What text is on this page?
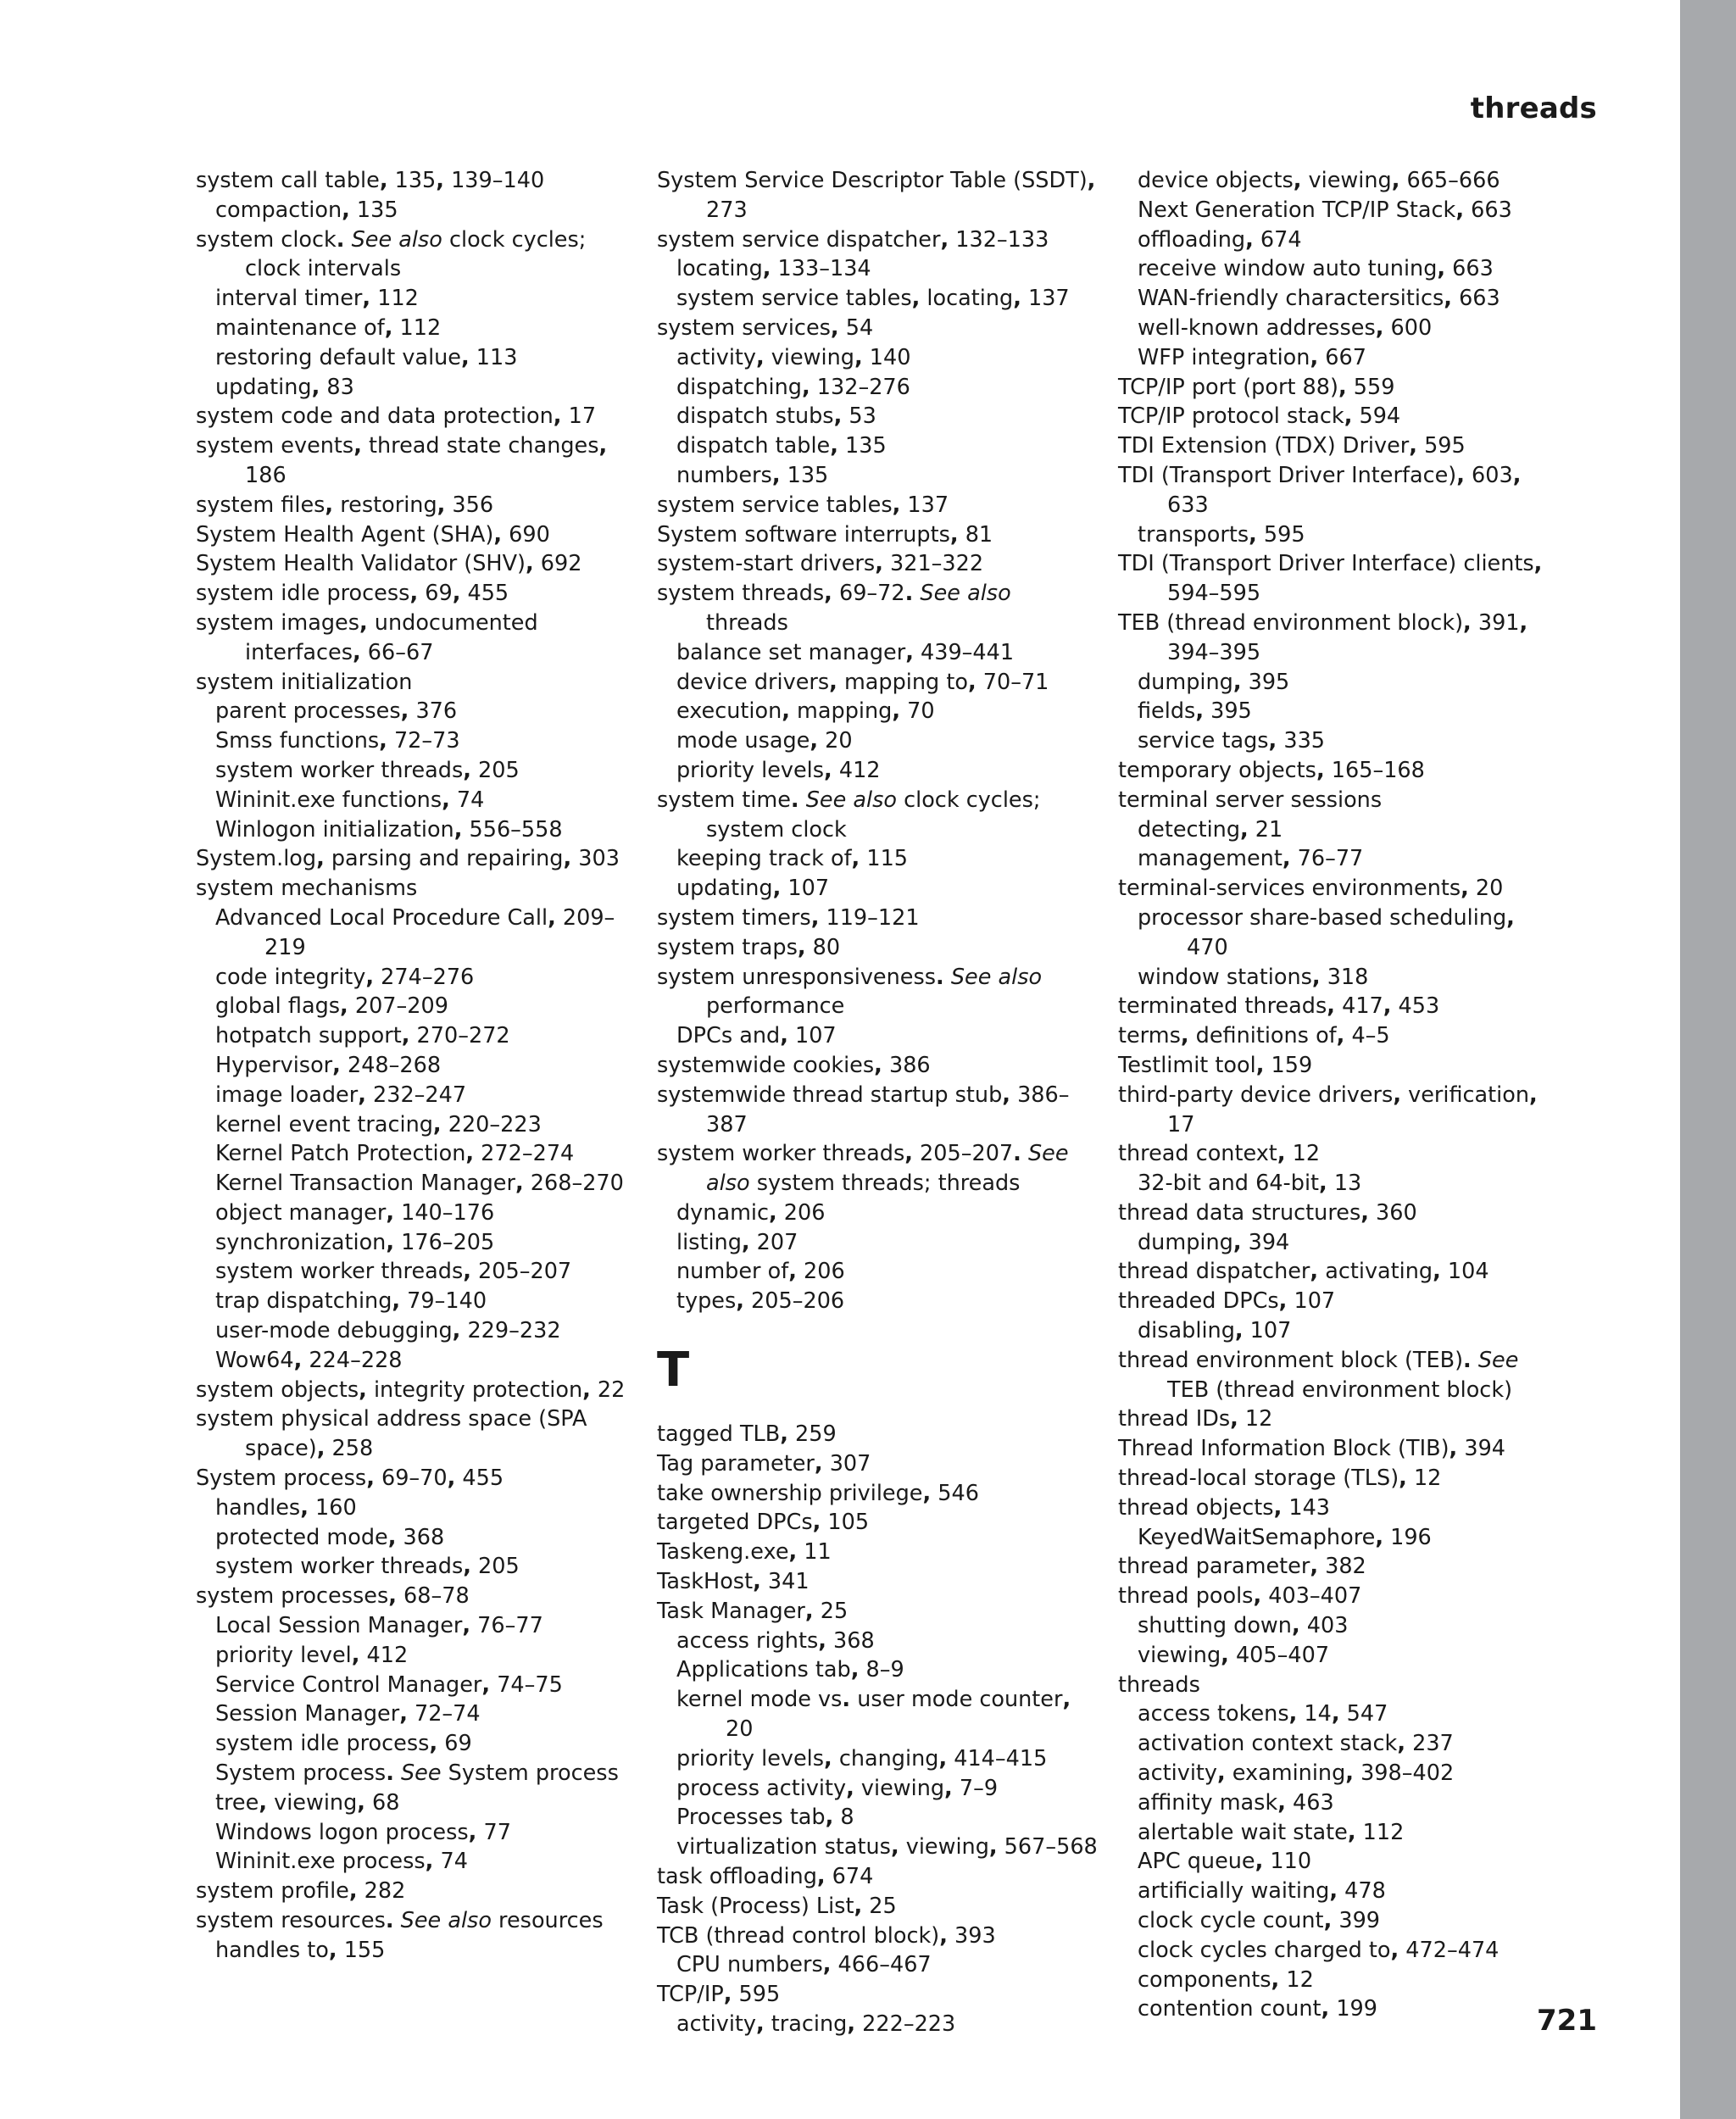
threads
system call table, 135, 139–140
compaction, 135
system clock. See also clock cycles; clock intervals
interval timer, 112
maintenance of, 112
restoring default value, 113
updating, 83
system code and data protection, 17
system events, thread state changes, 186
system files, restoring, 356
System Health Agent (SHA), 690
System Health Validator (SHV), 692
system idle process, 69, 455
system images, undocumented interfaces, 66–67
system initialization
parent processes, 376
Smss functions, 72–73
system worker threads, 205
Wininit.exe functions, 74
Winlogon initialization, 556–558
System.log, parsing and repairing, 303
system mechanisms
Advanced Local Procedure Call, 209–219
code integrity, 274–276
global flags, 207–209
hotpatch support, 270–272
Hypervisor, 248–268
image loader, 232–247
kernel event tracing, 220–223
Kernel Patch Protection, 272–274
Kernel Transaction Manager, 268–270
object manager, 140–176
synchronization, 176–205
system worker threads, 205–207
trap dispatching, 79–140
user-mode debugging, 229–232
Wow64, 224–228
system objects, integrity protection, 22
system physical address space (SPA space), 258
System process, 69–70, 455
handles, 160
protected mode, 368
system worker threads, 205
system processes, 68–78
Local Session Manager, 76–77
priority level, 412
Service Control Manager, 74–75
Session Manager, 72–74
system idle process, 69
System process. See System process
tree, viewing, 68
Windows logon process, 77
Wininit.exe process, 74
system profile, 282
system resources. See also resources
handles to, 155
System Service Descriptor Table (SSDT), 273
system service dispatcher, 132–133
locating, 133–134
system service tables, locating, 137
system services, 54
activity, viewing, 140
dispatching, 132–276
dispatch stubs, 53
dispatch table, 135
numbers, 135
system service tables, 137
System software interrupts, 81
system-start drivers, 321–322
system threads, 69–72. See also threads
balance set manager, 439–441
device drivers, mapping to, 70–71
execution, mapping, 70
mode usage, 20
priority levels, 412
system time. See also clock cycles; system clock
keeping track of, 115
updating, 107
system timers, 119–121
system traps, 80
system unresponsiveness. See also performance
DPCs and, 107
systemwide cookies, 386
systemwide thread startup stub, 386–387
system worker threads, 205–207. See also system threads; threads
dynamic, 206
listing, 207
number of, 206
types, 205–206
T
tagged TLB, 259
Tag parameter, 307
take ownership privilege, 546
targeted DPCs, 105
Taskeng.exe, 11
TaskHost, 341
Task Manager, 25
access rights, 368
Applications tab, 8–9
kernel mode vs. user mode counter, 20
priority levels, changing, 414–415
process activity, viewing, 7–9
Processes tab, 8
virtualization status, viewing, 567–568
task offloading, 674
Task (Process) List, 25
TCB (thread control block), 393
CPU numbers, 466–467
TCP/IP, 595
activity, tracing, 222–223
device objects, viewing, 665–666
Next Generation TCP/IP Stack, 663
offloading, 674
receive window auto tuning, 663
WAN-friendly charactersitics, 663
well-known addresses, 600
WFP integration, 667
TCP/IP port (port 88), 559
TCP/IP protocol stack, 594
TDI Extension (TDX) Driver, 595
TDI (Transport Driver Interface), 603, 633
transports, 595
TDI (Transport Driver Interface) clients, 594–595
TEB (thread environment block), 391, 394–395
dumping, 395
fields, 395
service tags, 335
temporary objects, 165–168
terminal server sessions
detecting, 21
management, 76–77
terminal-services environments, 20
processor share-based scheduling, 470
window stations, 318
terminated threads, 417, 453
terms, definitions of, 4–5
Testlimit tool, 159
third-party device drivers, verification, 17
thread context, 12
32-bit and 64-bit, 13
thread data structures, 360
dumping, 394
thread dispatcher, activating, 104
threaded DPCs, 107
disabling, 107
thread environment block (TEB). See TEB (thread environment block)
thread IDs, 12
Thread Information Block (TIB), 394
thread-local storage (TLS), 12
thread objects, 143
KeyedWaitSemaphore, 196
thread parameter, 382
thread pools, 403–407
shutting down, 403
viewing, 405–407
threads
access tokens, 14, 547
activation context stack, 237
activity, examining, 398–402
affinity mask, 463
alertable wait state, 112
APC queue, 110
artificially waiting, 478
clock cycle count, 399
clock cycles charged to, 472–474
components, 12
contention count, 199	721
